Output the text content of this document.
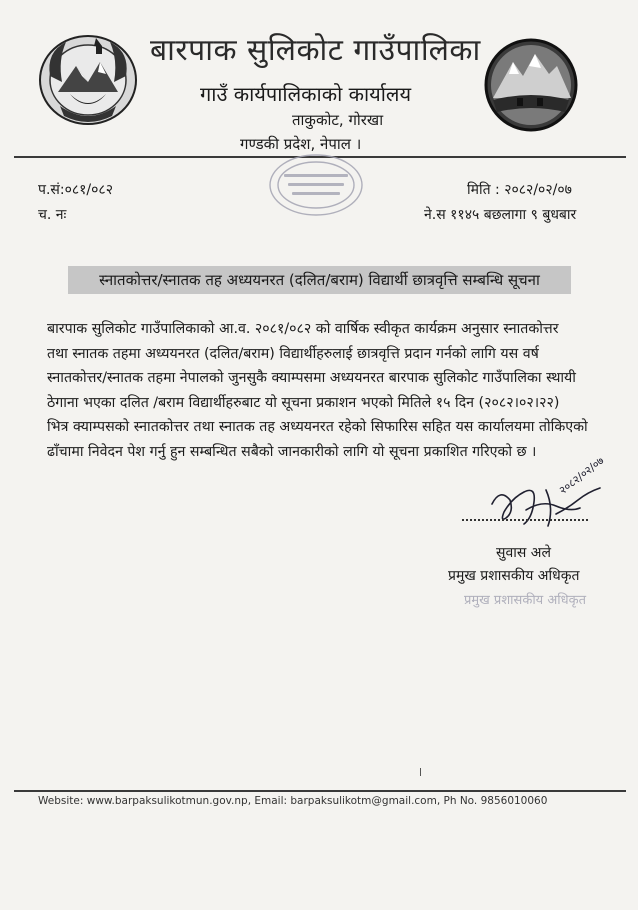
बारपाक सुलिकोट गाउँपालिका
गाउँ कार्यपालिकाको कार्यालय
ताकुकोट, गोरखा
गण्डकी प्रदेश, नेपाल ।
प.सं:०८१/०८२
च. नः
मिति : २०८२/०२/०७
ने.स ११४५ बछलागा ९ बुधबार
स्नातकोत्तर/स्नातक तह अध्ययनरत (दलित/बराम) विद्यार्थी छात्रवृत्ति सम्बन्धि सूचना
बारपाक सुलिकोट गाउँपालिकाको आ.व. २०८१/०८२ को वार्षिक स्वीकृत कार्यक्रम अनुसार स्नातकोत्तर
तथा स्नातक तहमा अध्ययनरत (दलित/बराम) विद्यार्थीहरुलाई छात्रवृत्ति प्रदान गर्नको लागि यस वर्ष
स्नातकोत्तर/स्नातक तहमा नेपालको जुनसुकै क्याम्पसमा अध्ययनरत बारपाक सुलिकोट गाउँपालिका स्थायी
ठेगाना भएका दलित /बराम विद्यार्थीहरुबाट यो सूचना प्रकाशन भएको मितिले १५ दिन (२०८२।०२।२२)
भित्र क्याम्पसको स्नातकोत्तर तथा स्नातक तह अध्ययनरत रहेको सिफारिस सहित यस कार्यालयमा तोकिएको
ढाँचामा निवेदन पेश गर्नु हुन सम्बन्धित सबैको जानकारीको लागि यो सूचना प्रकाशित गरिएको छ ।
२०८२/०२/०७
सुवास अले
प्रमुख प्रशासकीय अधिकृत
प्रमुख प्रशासकीय अधिकृत
Website: www.barpaksulikotmun.gov.np, Email: barpaksulikotm@gmail.com, Ph No. 9856010060
